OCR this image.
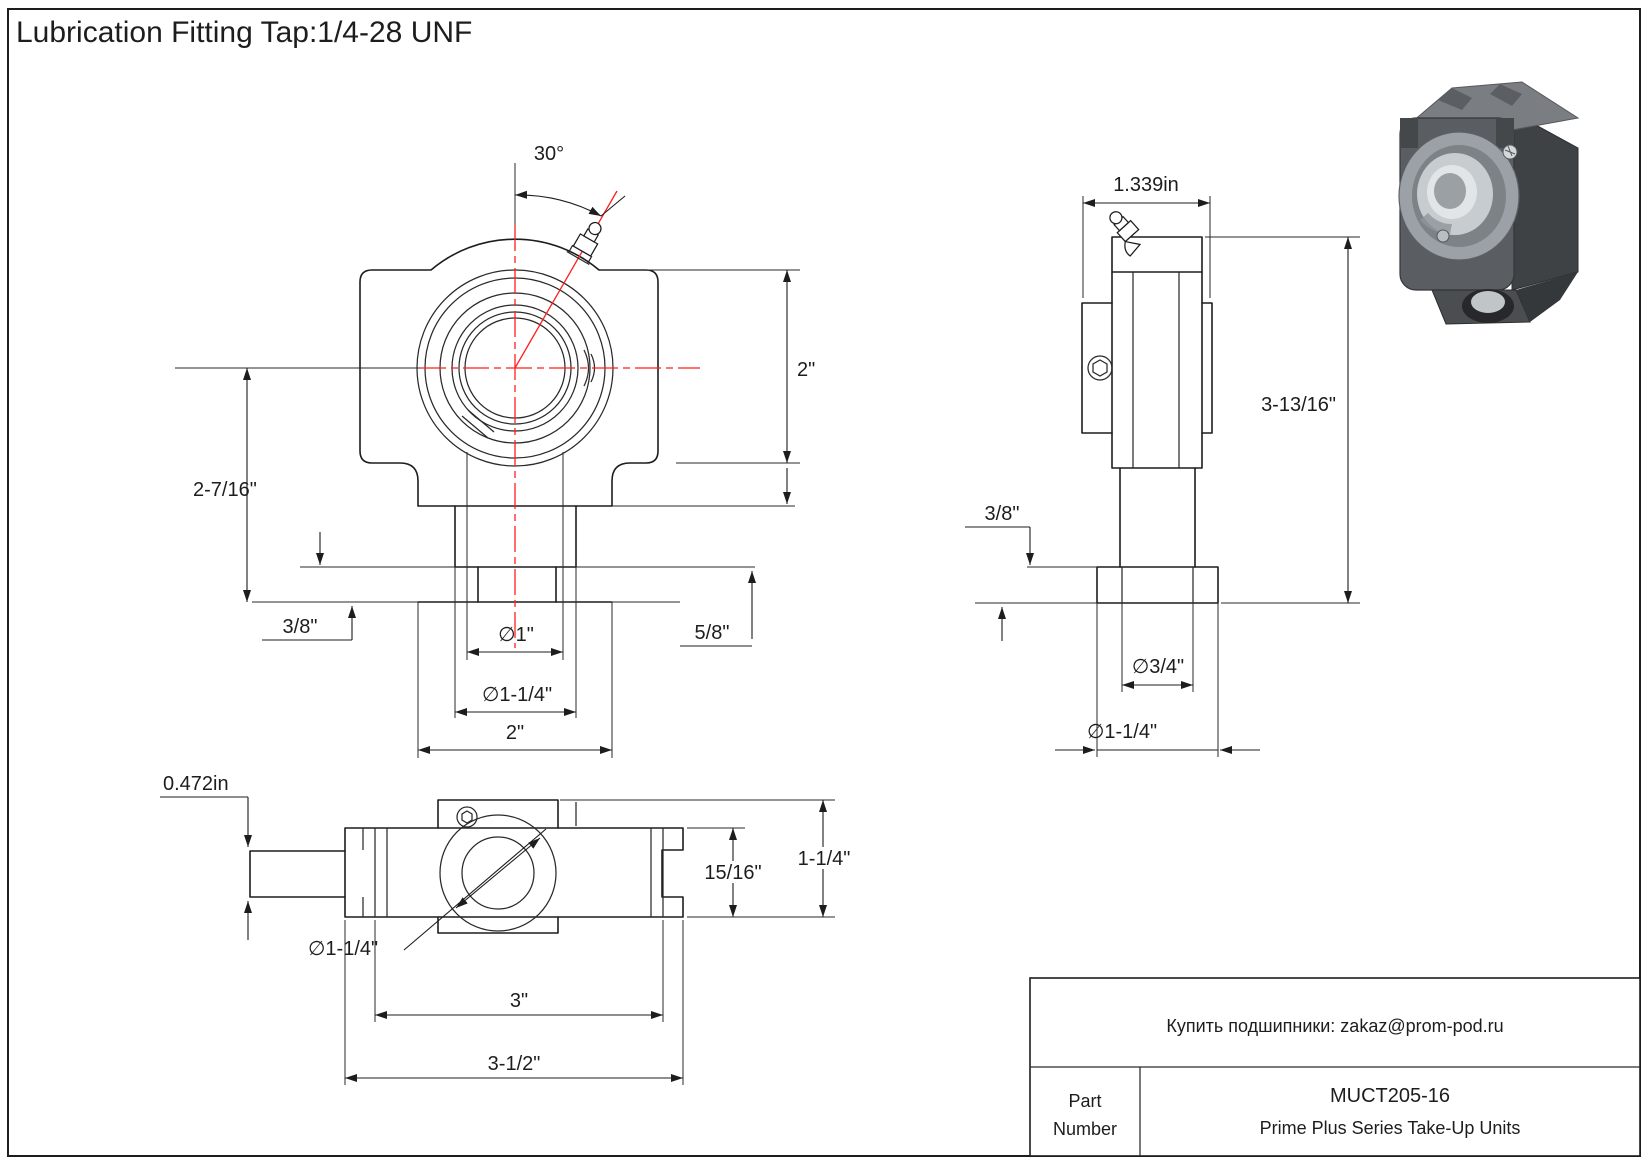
Lubrication Fitting Tap:1/4-28 UNF
30°
2"
2-7/16"
3/8"	5/8"
∅1"
∅1-1/4"
2"
1.339in
3-13/16"
3/8"
∅3/4"
∅1-1/4"
∅1-1/4"
0.472in
15/16"
1-1/4"
3"
3-1/2"
Купить подшипники: zakaz@prom-pod.ru
Part
Number
MUCT205-16
Prime Plus Series Take-Up Units
